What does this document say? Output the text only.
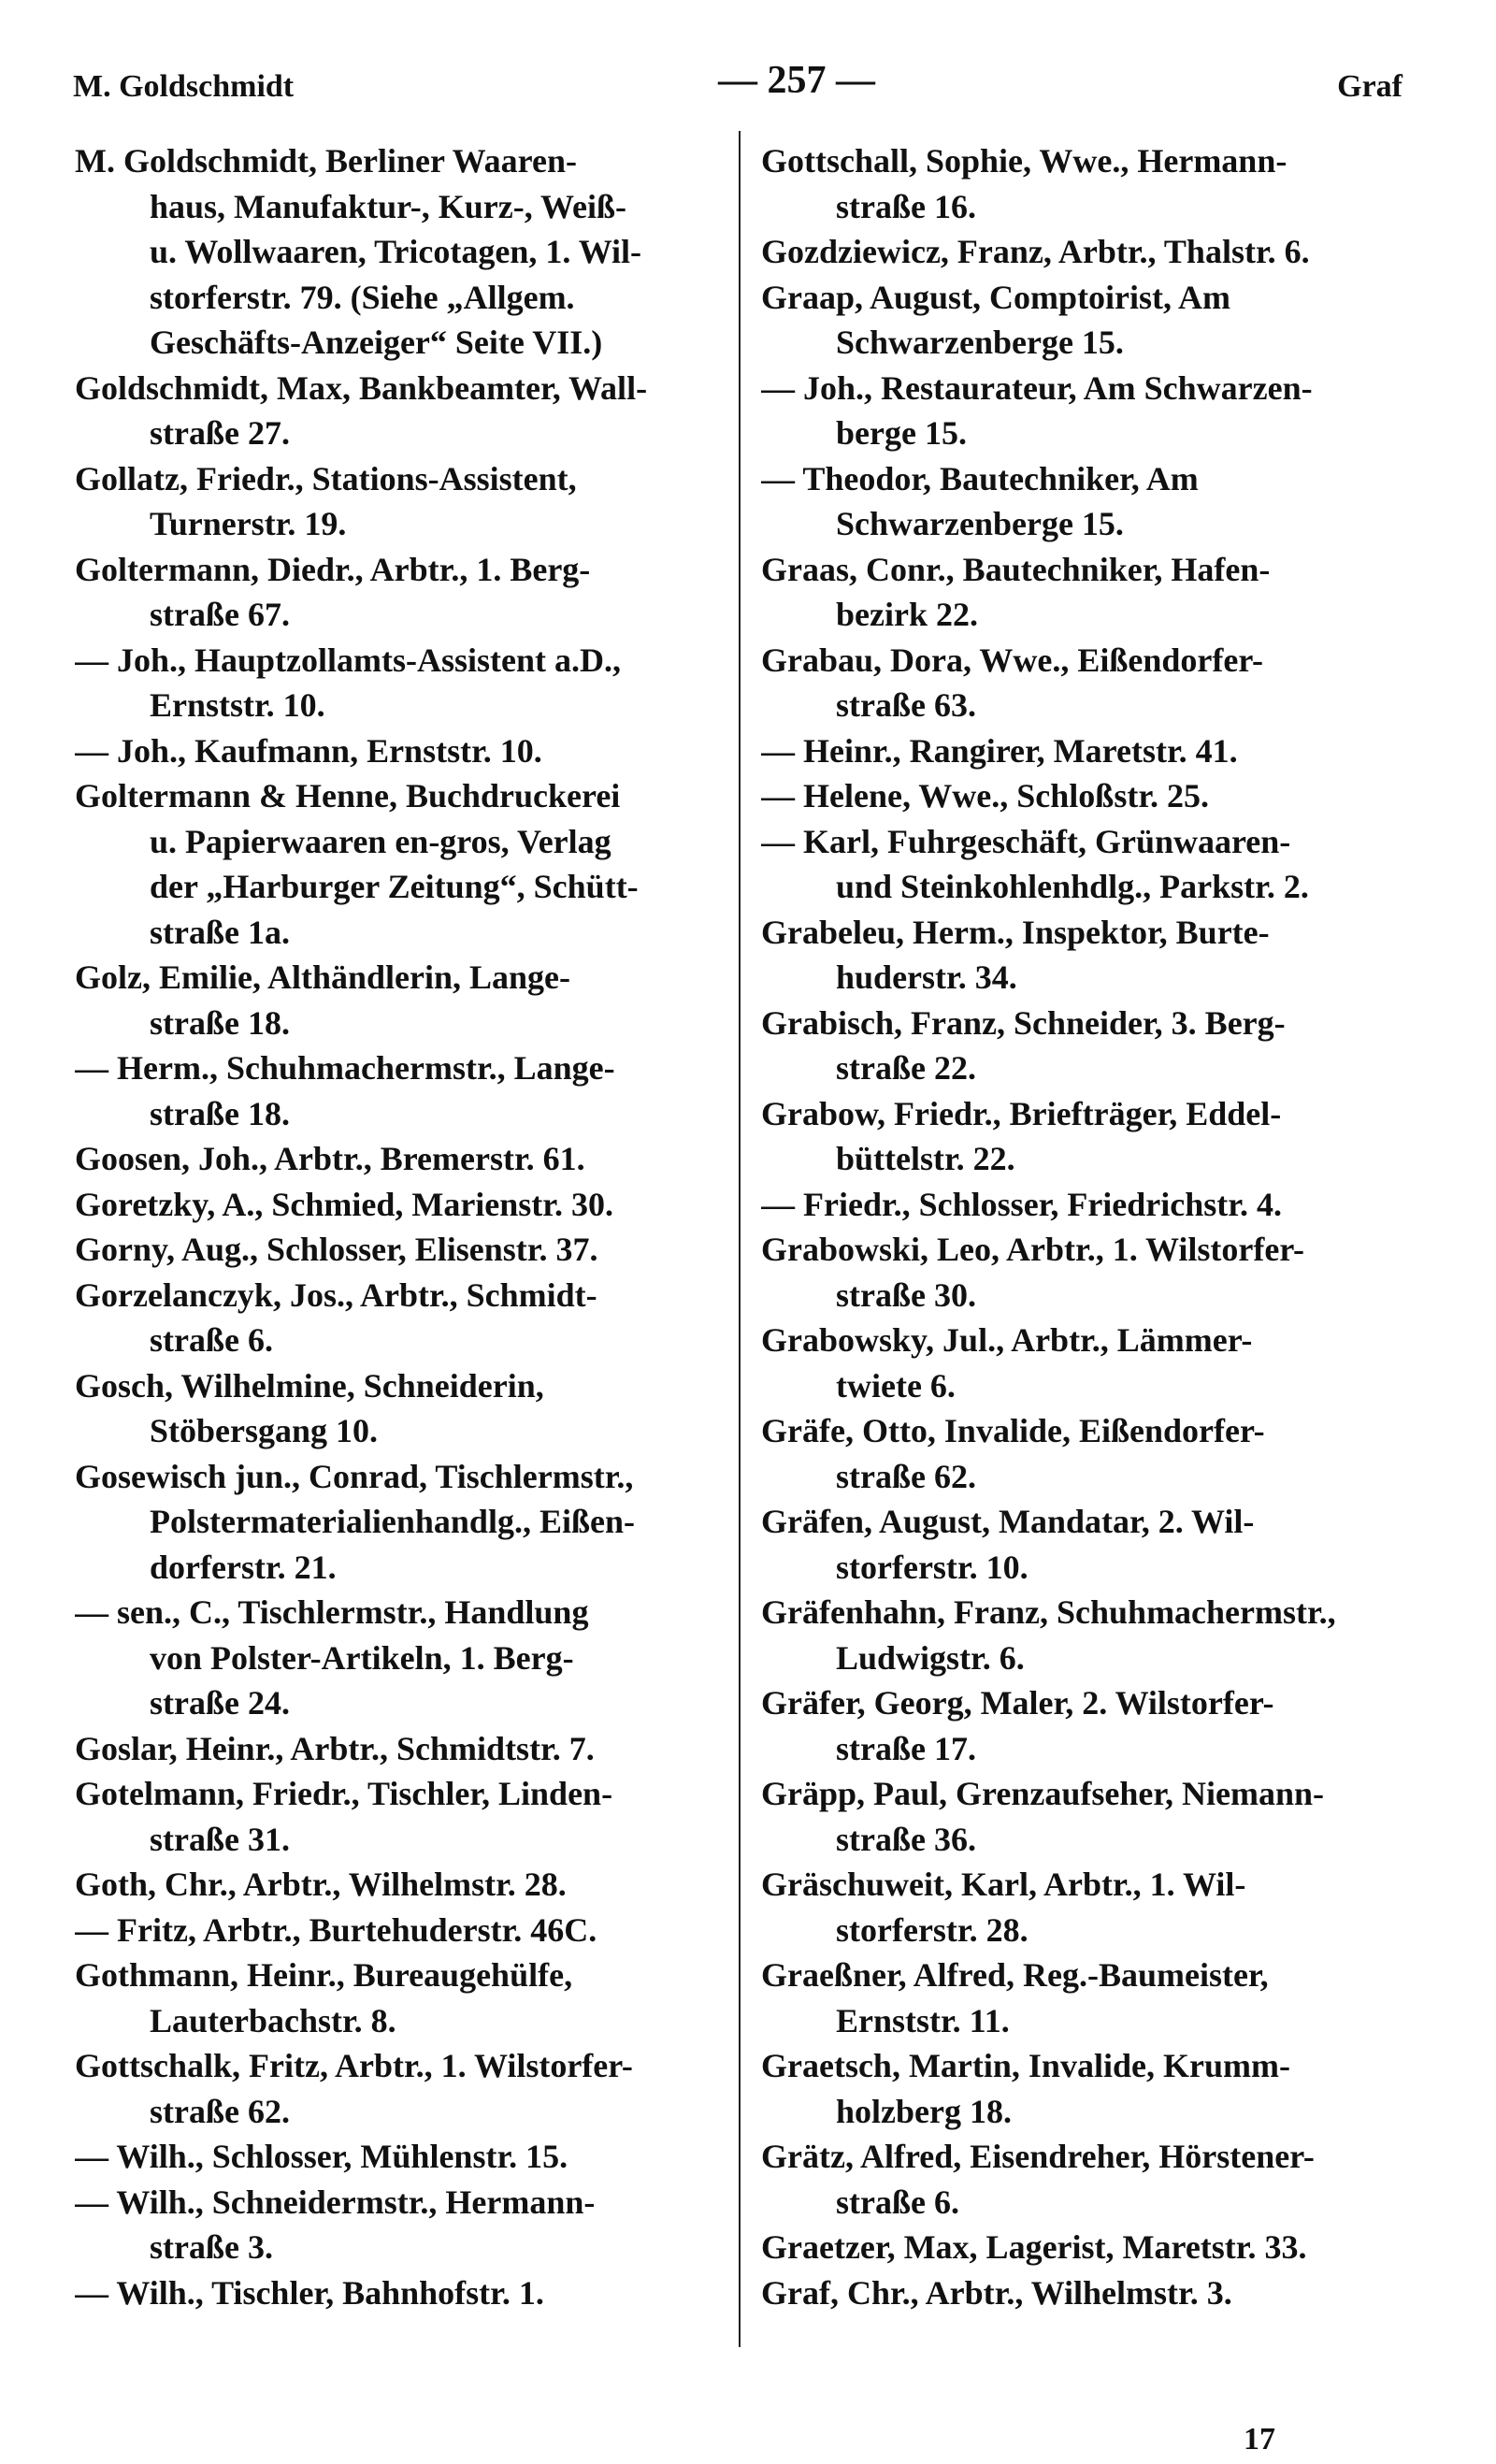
M. Goldschmidt	— 257 —	Graf
M. Goldschmidt, Berliner Waaren-
haus, Manufaktur-, Kurz-, Weiß-
u. Wollwaaren, Tricotagen, 1. Wil-
storferstr. 79. (Siehe „Allgem.
Geschäfts-Anzeiger“ Seite VII.)
Goldschmidt, Max, Bankbeamter, Wall-
straße 27.
Gollatz, Friedr., Stations-Assistent,
Turnerstr. 19.
Goltermann, Diedr., Arbtr., 1. Berg-
straße 67.
— Joh., Hauptzollamts-Assistent a.D.,
Ernststr. 10.
— Joh., Kaufmann, Ernststr. 10.
Goltermann & Henne, Buchdruckerei
u. Papierwaaren en-gros, Verlag
der „Harburger Zeitung“, Schütt-
straße 1a.
Golz, Emilie, Althändlerin, Lange-
straße 18.
— Herm., Schuhmachermstr., Lange-
straße 18.
Goosen, Joh., Arbtr., Bremerstr. 61.
Goretzky, A., Schmied, Marienstr. 30.
Gorny, Aug., Schlosser, Elisenstr. 37.
Gorzelanczyk, Jos., Arbtr., Schmidt-
straße 6.
Gosch, Wilhelmine, Schneiderin,
Stöbersgang 10.
Gosewisch jun., Conrad, Tischlermstr.,
Polstermaterialienhandlg., Eißen-
dorferstr. 21.
— sen., C., Tischlermstr., Handlung
von Polster-Artikeln, 1. Berg-
straße 24.
Goslar, Heinr., Arbtr., Schmidtstr. 7.
Gotelmann, Friedr., Tischler, Linden-
straße 31.
Goth, Chr., Arbtr., Wilhelmstr. 28.
— Fritz, Arbtr., Burtehuderstr. 46C.
Gothmann, Heinr., Bureaugehülfe,
Lauterbachstr. 8.
Gottschalk, Fritz, Arbtr., 1. Wilstorfer-
straße 62.
— Wilh., Schlosser, Mühlenstr. 15.
— Wilh., Schneidermstr., Hermann-
straße 3.
— Wilh., Tischler, Bahnhofstr. 1.
Gottschall, Sophie, Wwe., Hermann-
straße 16.
Gozdziewicz, Franz, Arbtr., Thalstr. 6.
Graap, August, Comptoirist, Am
Schwarzenberge 15.
— Joh., Restaurateur, Am Schwarzen-
berge 15.
— Theodor, Bautechniker, Am
Schwarzenberge 15.
Graas, Conr., Bautechniker, Hafen-
bezirk 22.
Grabau, Dora, Wwe., Eißendorfer-
straße 63.
— Heinr., Rangirer, Maretstr. 41.
— Helene, Wwe., Schloßstr. 25.
— Karl, Fuhrgeschäft, Grünwaaren-
und Steinkohlenhdlg., Parkstr. 2.
Grabeleu, Herm., Inspektor, Burte-
huderstr. 34.
Grabisch, Franz, Schneider, 3. Berg-
straße 22.
Grabow, Friedr., Briefträger, Eddel-
büttelstr. 22.
— Friedr., Schlosser, Friedrichstr. 4.
Grabowski, Leo, Arbtr., 1. Wilstorfer-
straße 30.
Grabowsky, Jul., Arbtr., Lämmer-
twiete 6.
Gräfe, Otto, Invalide, Eißendorfer-
straße 62.
Gräfen, August, Mandatar, 2. Wil-
storferstr. 10.
Gräfenhahn, Franz, Schuhmachermstr.,
Ludwigstr. 6.
Gräfer, Georg, Maler, 2. Wilstorfer-
straße 17.
Gräpp, Paul, Grenzaufseher, Niemann-
straße 36.
Gräschuweit, Karl, Arbtr., 1. Wil-
storferstr. 28.
Graeßner, Alfred, Reg.-Baumeister,
Ernststr. 11.
Graetsch, Martin, Invalide, Krumm-
holzberg 18.
Grätz, Alfred, Eisendreher, Hörstener-
straße 6.
Graetzer, Max, Lagerist, Maretstr. 33.
Graf, Chr., Arbtr., Wilhelmstr. 3.
17
